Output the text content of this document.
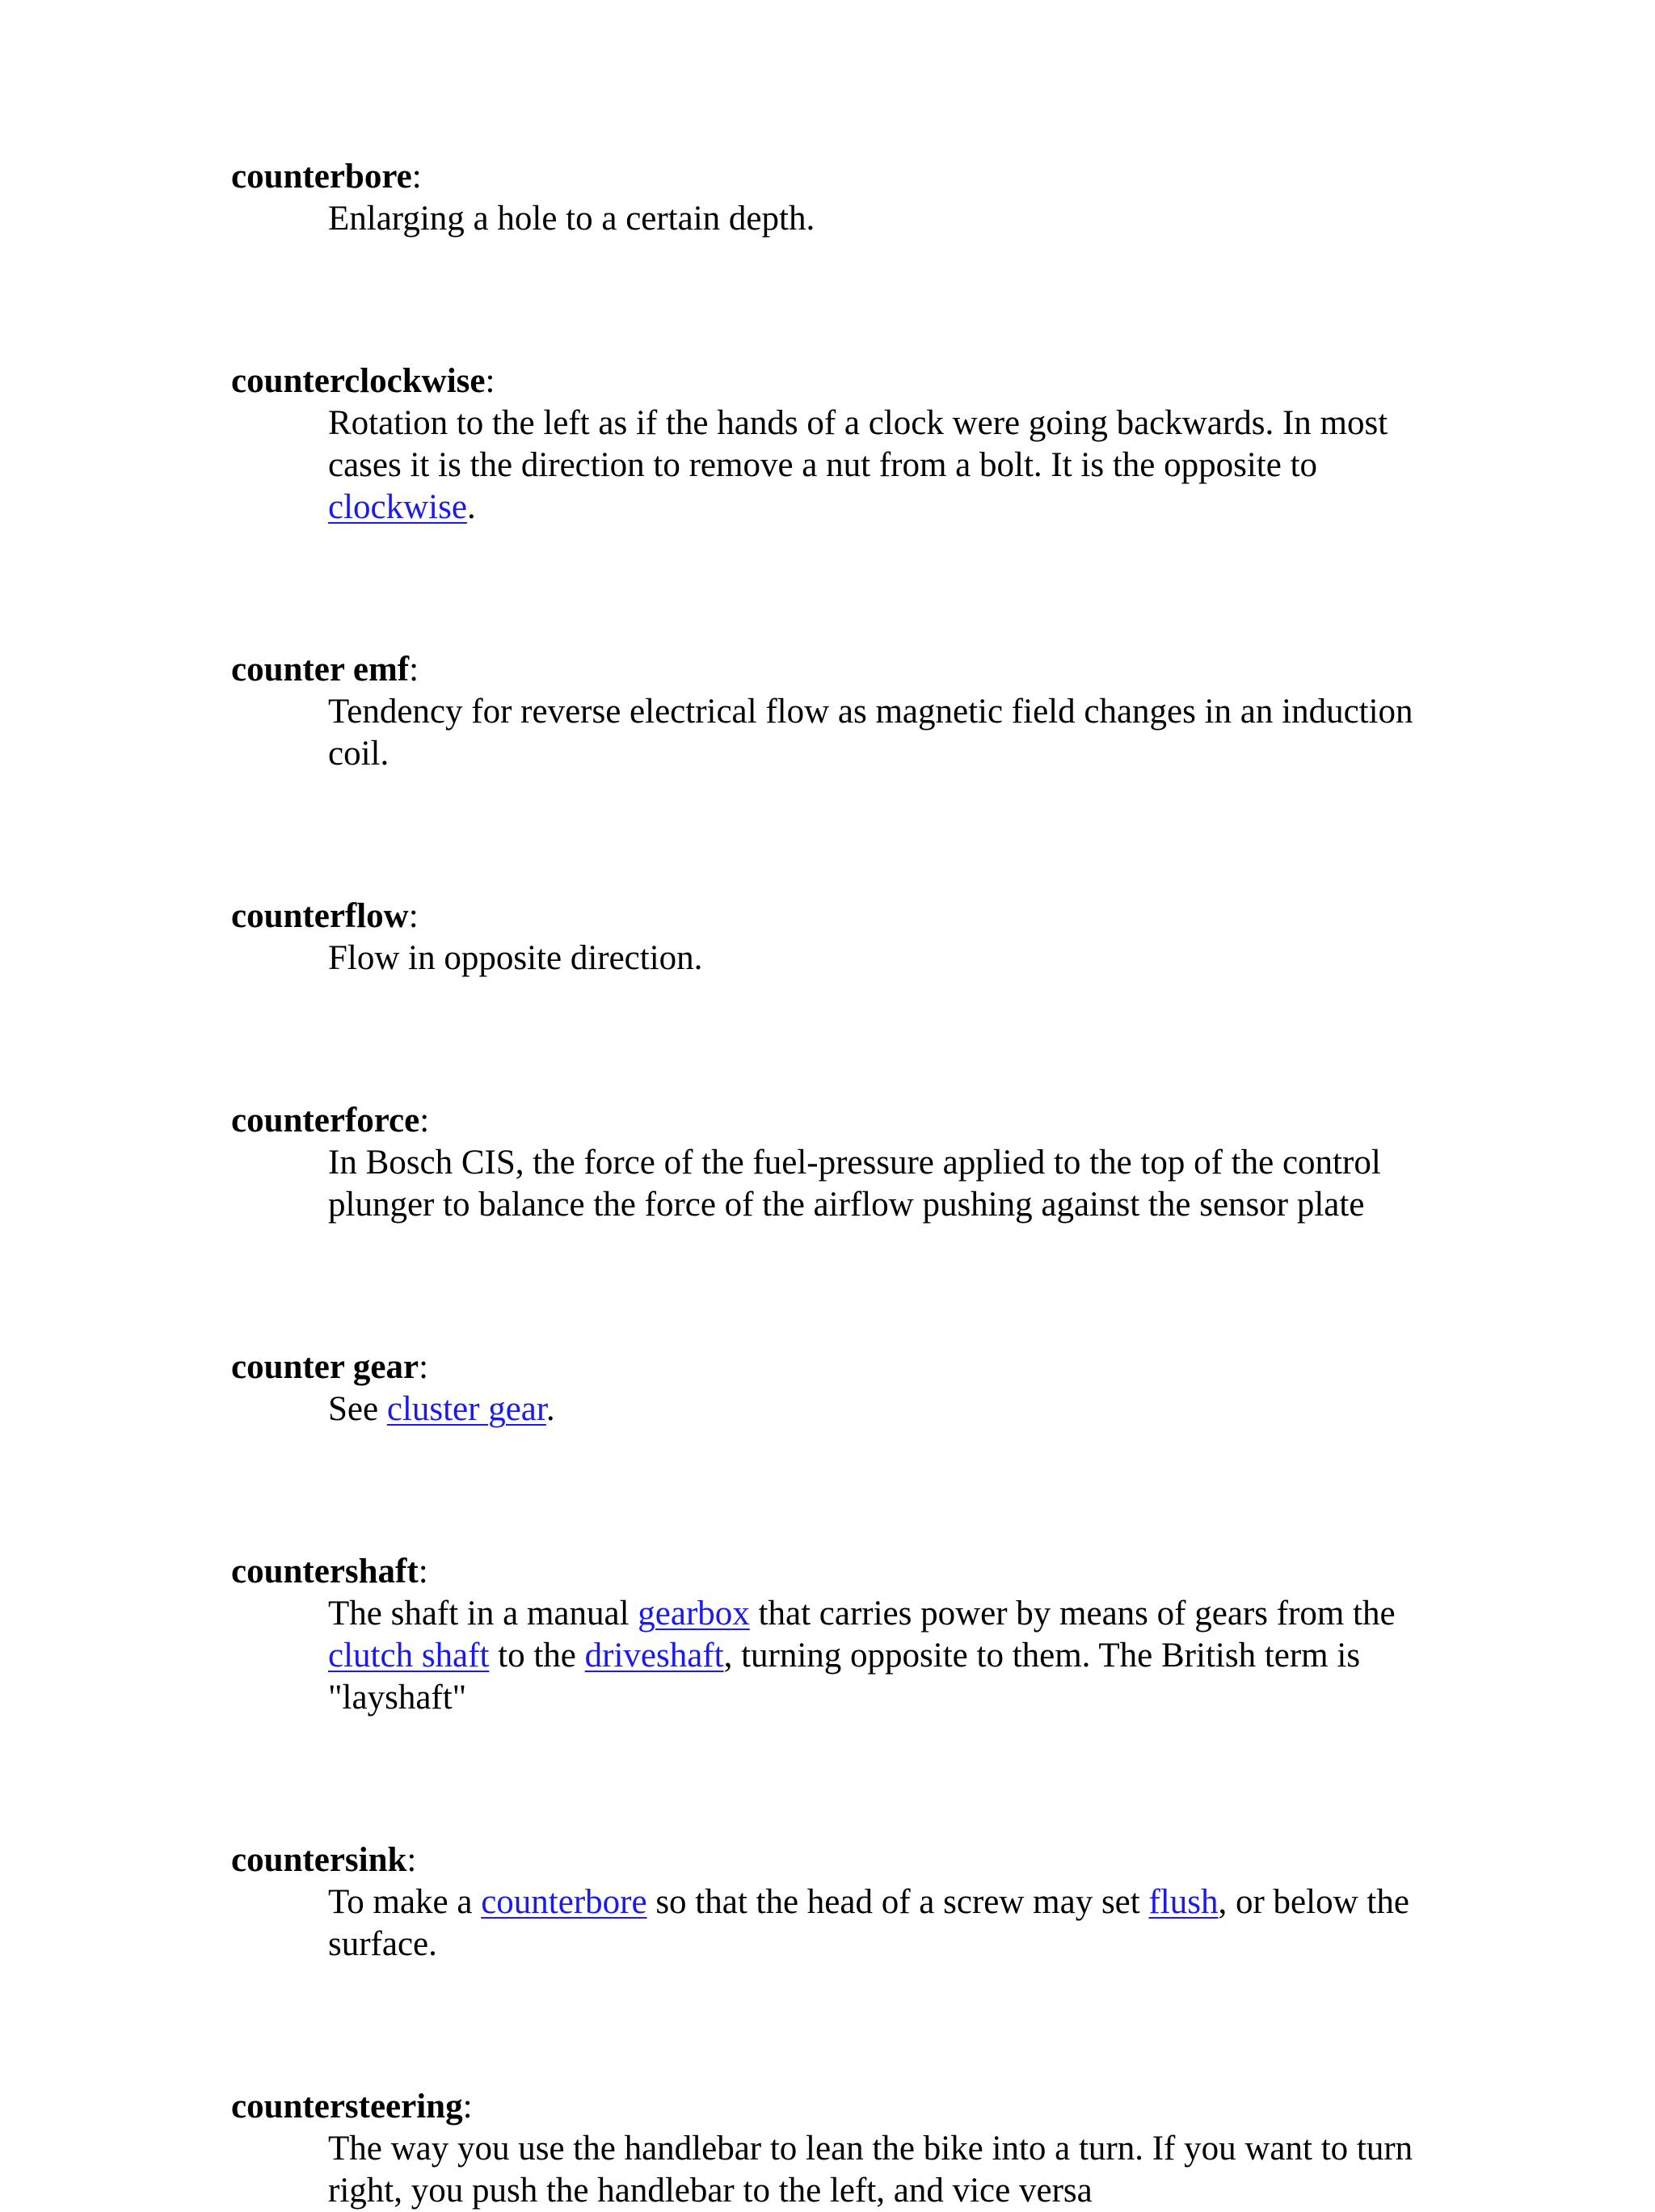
counterbore:

Enlarging a hole to a certain depth.

counterclockwise:

Rotation to the left as if the hands of a clock were going backwards. In most cases it is the direction to remove a nut from a bolt. It is the opposite to clockwise.

counter emf:

Tendency for reverse electrical flow as magnetic field changes in an induction coil.

counterflow:

Flow in opposite direction.

counterforce:

In Bosch CIS, the force of the fuel-pressure applied to the top of the control plunger to balance the force of the airflow pushing against the sensor plate

counter gear:

See cluster gear.

countershaft:

The shaft in a manual gearbox that carries power by means of gears from the clutch shaft to the driveshaft, turning opposite to them. The British term is "layshaft"

countersink:

To make a counterbore so that the head of a screw may set flush, or below the surface.

countersteering:

The way you use the handlebar to lean the bike into a turn. If you want to turn right, you push the handlebar to the left, and vice versa
